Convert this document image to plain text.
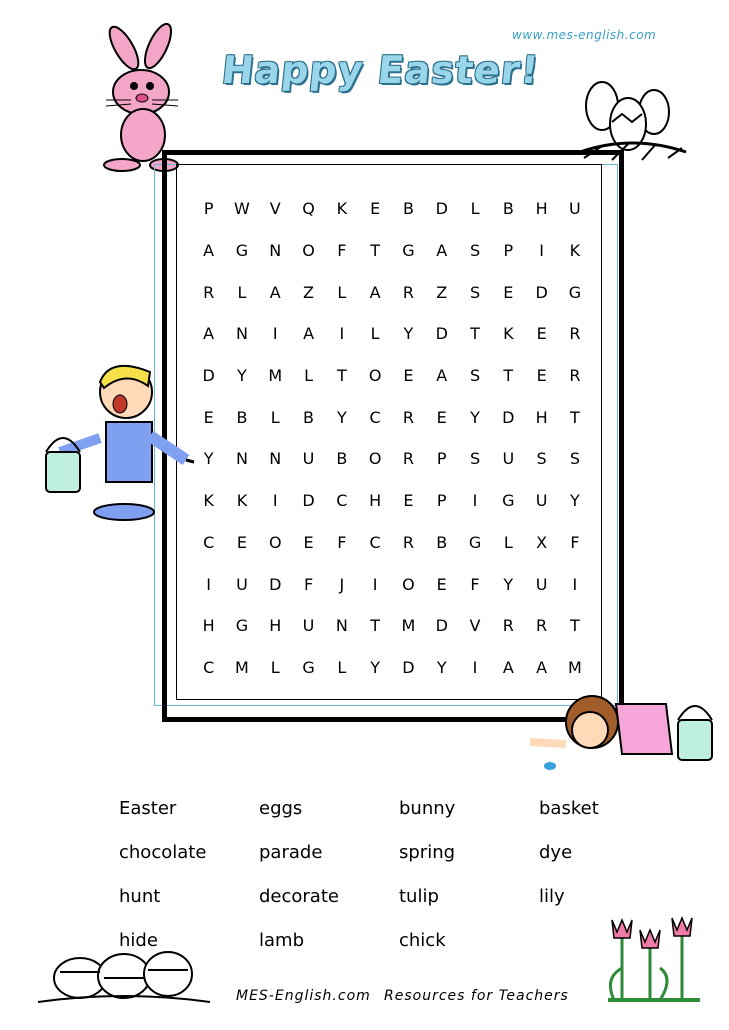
www.mes-english.com
Happy Easter!
P	W	V	Q	K	E	B	D	L	B	H	U
A	G	N	O	F	T	G	A	S	P	I	K
R	L	A	Z	L	A	R	Z	S	E	D	G
A	N	I	A	I	L	Y	D	T	K	E	R
D	Y	M	L	T	O	E	A	S	T	E	R
E	B	L	B	Y	C	R	E	Y	D	H	T
Y	N	N	U	B	O	R	P	S	U	S	S
K	K	I	D	C	H	E	P	I	G	U	Y
C	E	O	E	F	C	R	B	G	L	X	F
I	U	D	F	J	I	O	E	F	Y	U	I
H	G	H	U	N	T	M	D	V	R	R	T
C	M	L	G	L	Y	D	Y	I	A	A	M
Easter	eggs	bunny	basket
chocolate	parade	spring	dye
hunt	decorate	tulip	lily
hide	lamb	chick
MES-English.com Resources for Teachers
